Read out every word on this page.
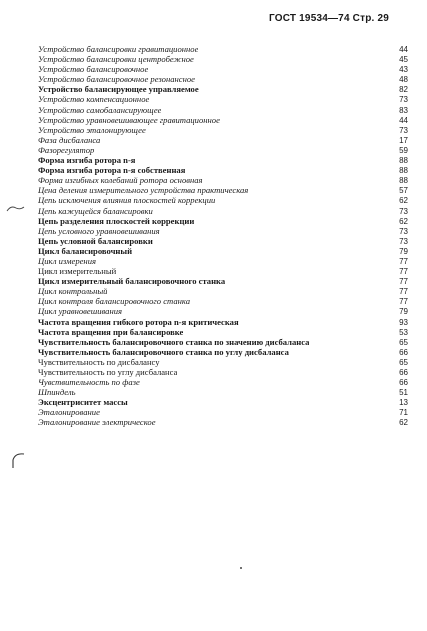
ГОСТ 19534—74 Стр. 29
Устройство балансировки гравитационное	44
Устройство балансировки центробежное	45
Устройство балансировочное	43
Устройство балансировочное резонансное	48
Устройство балансирующее управляемое	82
Устройство компенсационное	73
Устройство самобалансирующее	83
Устройство уравновешивающее гравитационное	44
Устройство эталонирующее	73
Фаза дисбаланса	17
Фазорегулятор	59
Форма изгиба ротора n-я	88
Форма изгиба ротора n-я собственная	88
Форма изгибных колебаний ротора основная	88
Цена деления измерительного устройства практическая	57
Цепь исключения влияния плоскостей коррекции	62
Цепь кажущейся балансировки	73
Цепь разделения плоскостей коррекции	62
Цепь условного уравновешивания	73
Цепь условной балансировки	73
Цикл балансировочный	79
Цикл измерения	77
Цикл измерительный	77
Цикл измерительный балансировочного станка	77
Цикл контрольный	77
Цикл контроля балансировочного станка	77
Цикл уравновешивания	79
Частота вращения гибкого ротора n-я критическая	93
Частота вращения при балансировке	53
Чувствительность балансировочного станка по значению дисбаланса	65
Чувствительность балансировочного станка по углу дисбаланса	66
Чувствительность по дисбалансу	65
Чувствительность по углу дисбаланса	66
Чувствительность по фазе	66
Шпиндель	51
Эксцентриситет массы	13
Эталонирование	71
Эталонирование электрическое	62
